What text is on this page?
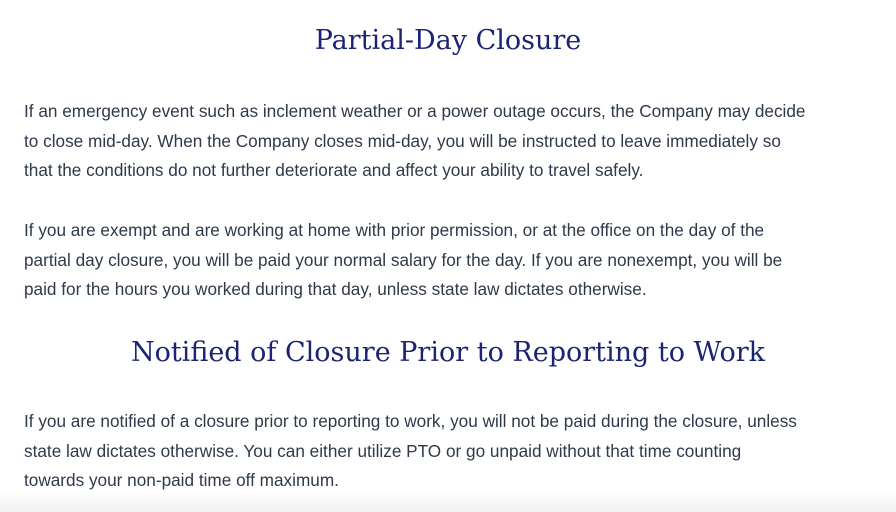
Partial-Day Closure

If an emergency event such as inclement weather or a power outage occurs, the Company may decide
to close mid-day. When the Company closes mid-day, you will be instructed to leave immediately so
that the conditions do not further deteriorate and affect your ability to travel safely.

If you are exempt and are working at home with prior permission, or at the office on the day of the
partial day closure, you will be paid your normal salary for the day. If you are nonexempt, you will be
paid for the hours you worked during that day, unless state law dictates otherwise.

Notified of Closure Prior to Reporting to Work

If you are notified of a closure prior to reporting to work, you will not be paid during the closure, unless
state law dictates otherwise. You can either utilize PTO or go unpaid without that time counting
towards your non-paid time off maximum.
